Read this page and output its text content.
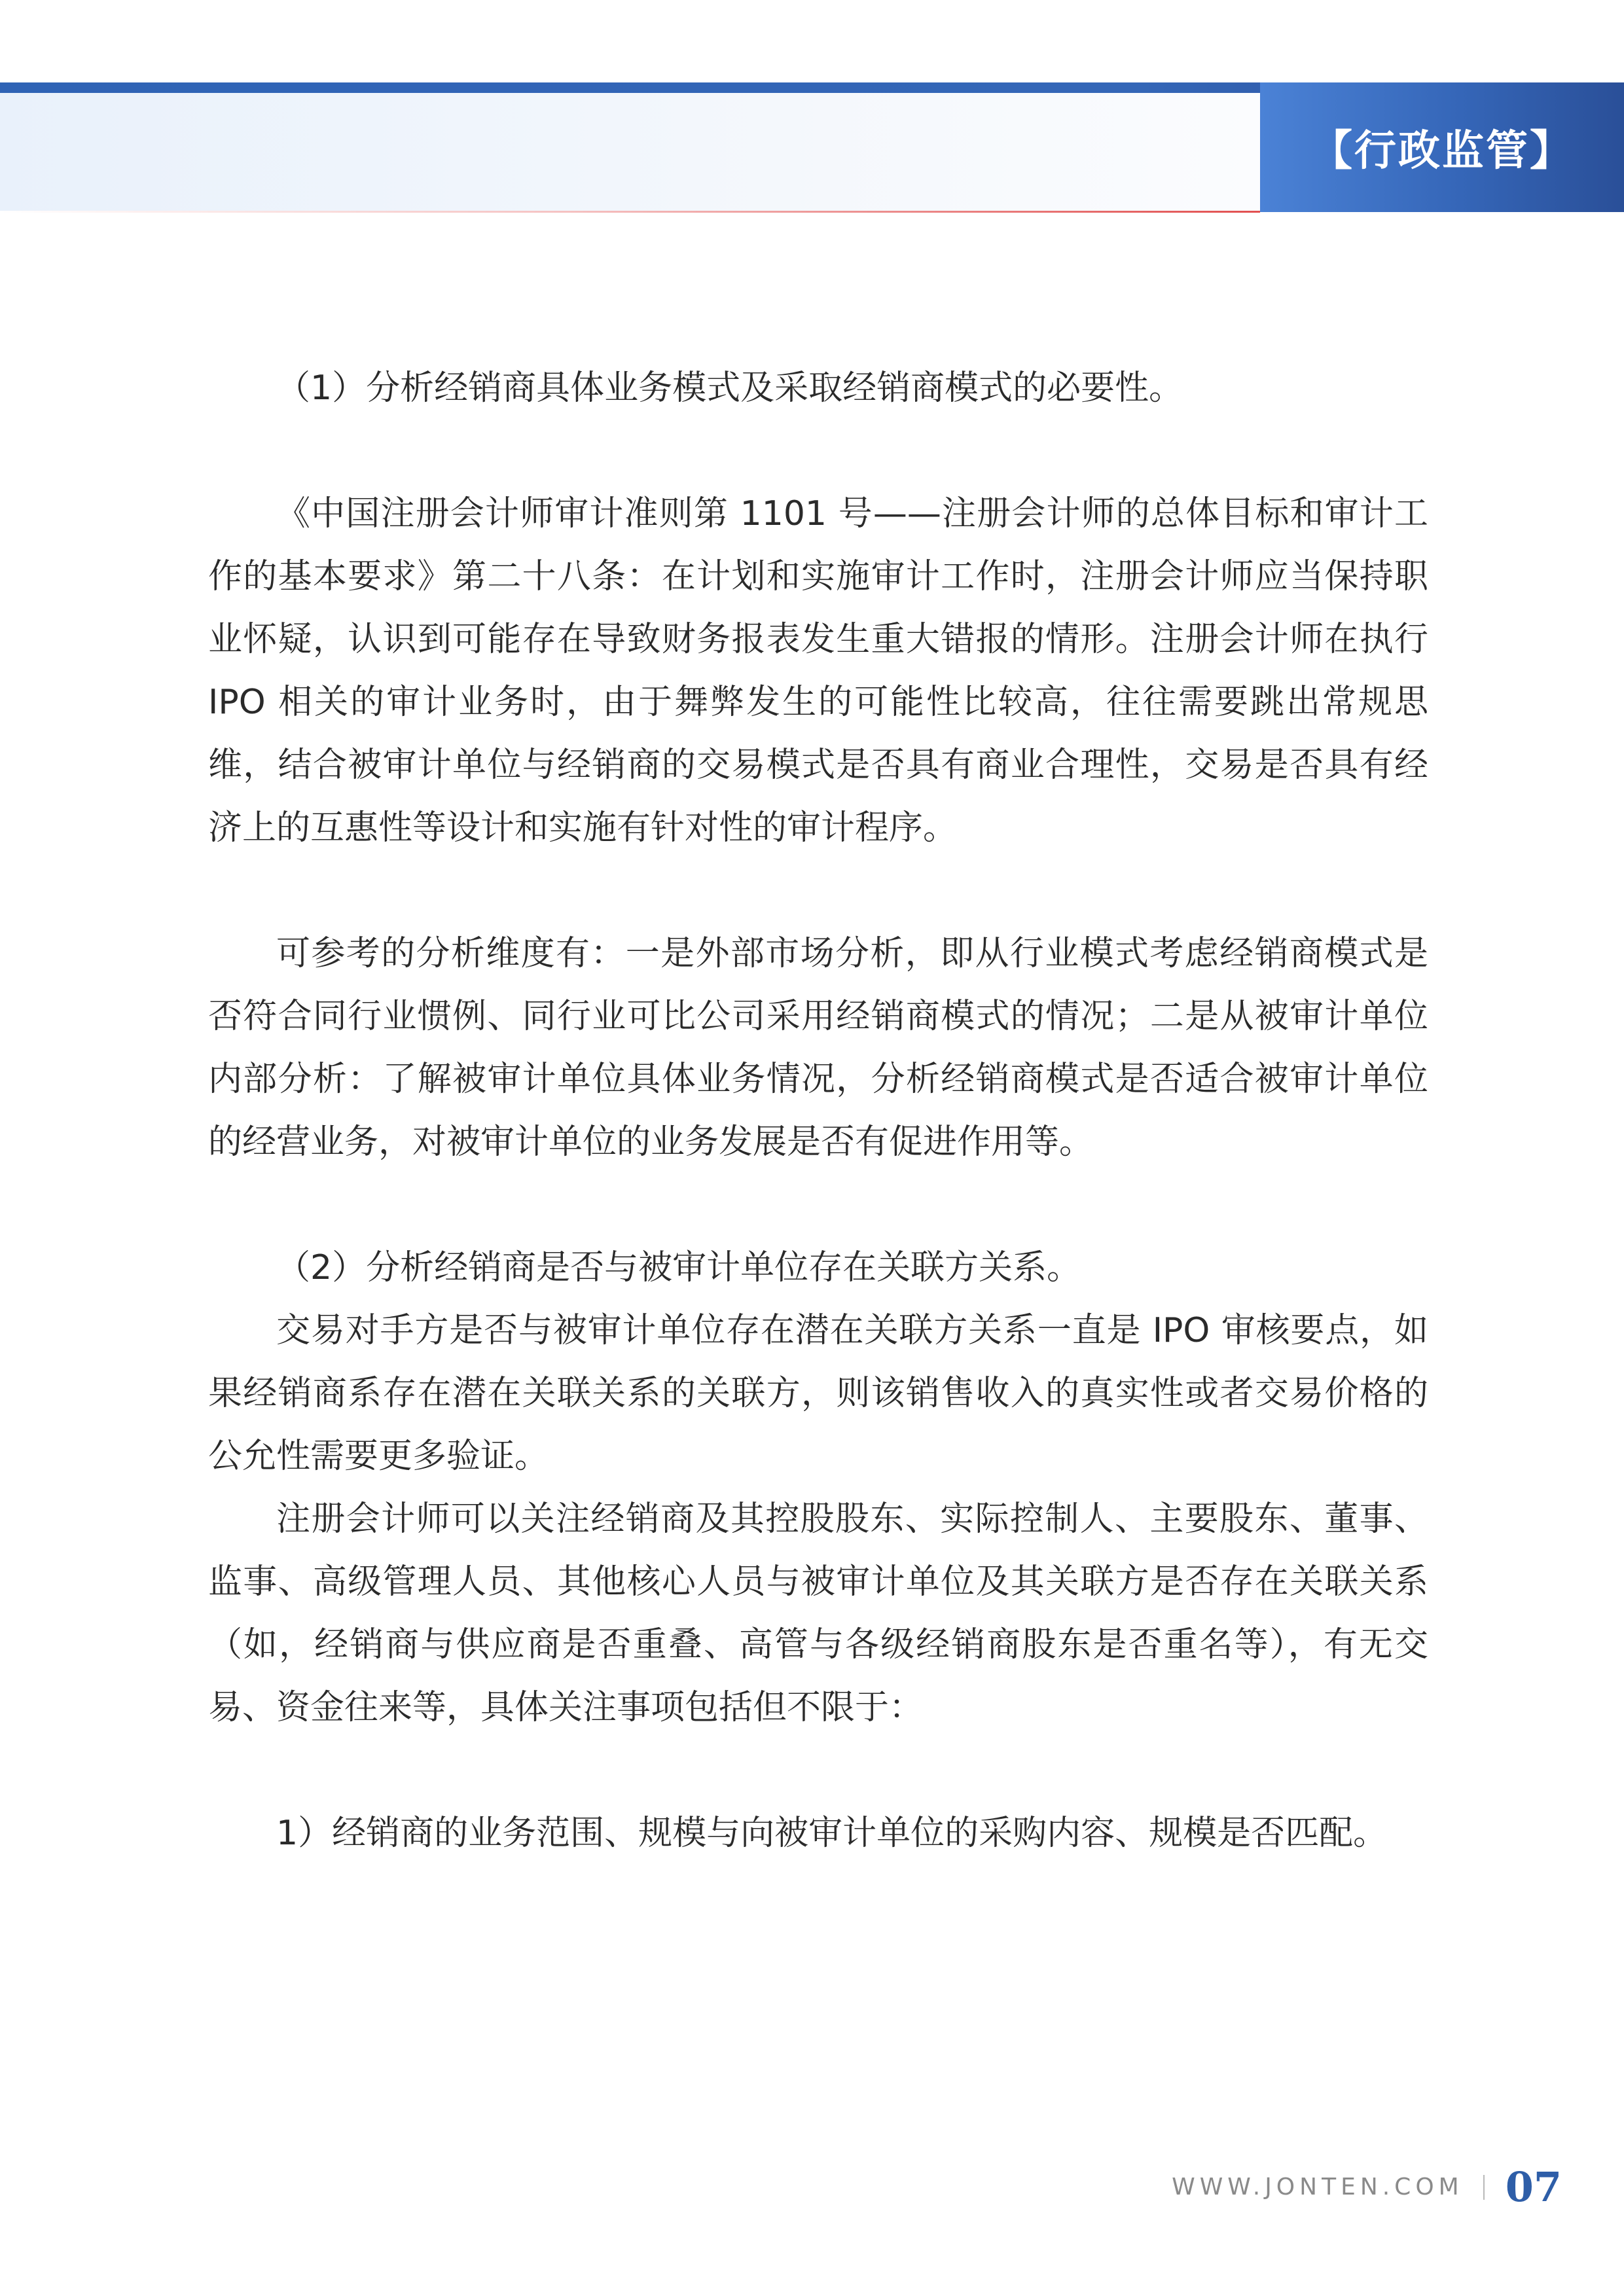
【行政监管】

（1）分析经销商具体业务模式及采取经销商模式的必要性。

《中国注册会计师审计准则第 1101 号——注册会计师的总体目标和审计工作的基本要求》第二十八条：在计划和实施审计工作时，注册会计师应当保持职业怀疑，认识到可能存在导致财务报表发生重大错报的情形。注册会计师在执行 IPO 相关的审计业务时，由于舞弊发生的可能性比较高，往往需要跳出常规思维，结合被审计单位与经销商的交易模式是否具有商业合理性，交易是否具有经济上的互惠性等设计和实施有针对性的审计程序。

可参考的分析维度有：一是外部市场分析，即从行业模式考虑经销商模式是否符合同行业惯例、同行业可比公司采用经销商模式的情况；二是从被审计单位内部分析：了解被审计单位具体业务情况，分析经销商模式是否适合被审计单位的经营业务，对被审计单位的业务发展是否有促进作用等。

（2）分析经销商是否与被审计单位存在关联方关系。

交易对手方是否与被审计单位存在潜在关联方关系一直是 IPO 审核要点，如果经销商系存在潜在关联关系的关联方，则该销售收入的真实性或者交易价格的公允性需要更多验证。

注册会计师可以关注经销商及其控股股东、实际控制人、主要股东、董事、监事、高级管理人员、其他核心人员与被审计单位及其关联方是否存在关联关系（如，经销商与供应商是否重叠、高管与各级经销商股东是否重名等），有无交易、资金往来等，具体关注事项包括但不限于：

1）经销商的业务范围、规模与向被审计单位的采购内容、规模是否匹配。

WWW.JONTEN.COM 07
